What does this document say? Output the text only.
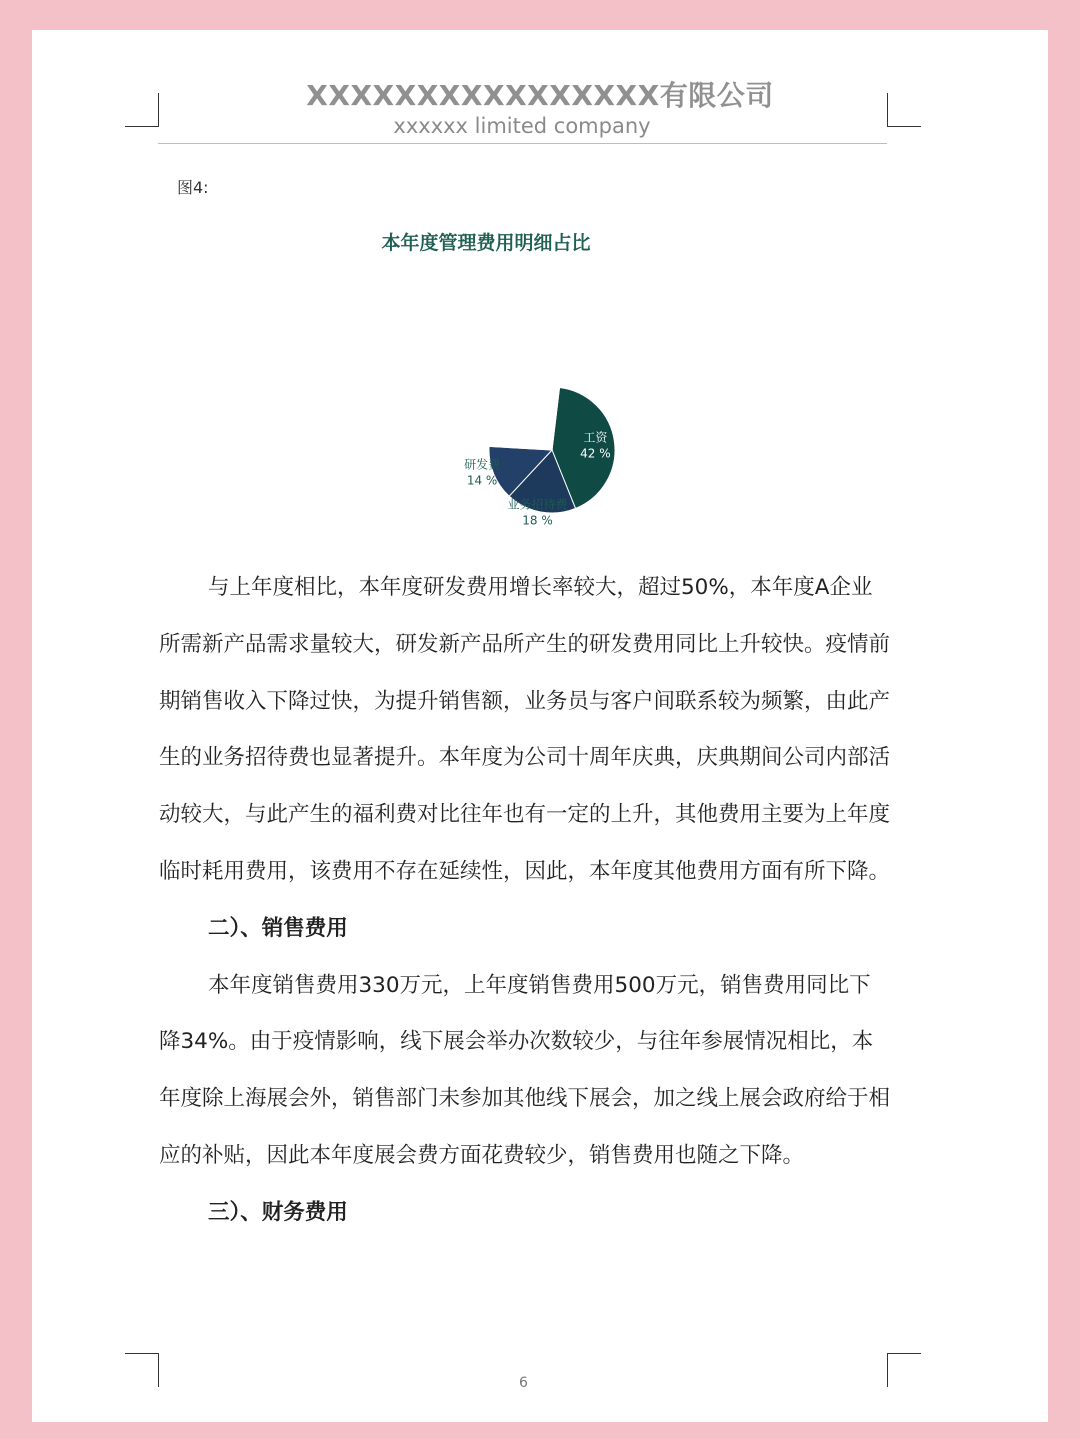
XXXXXXXXXXXXXXXX有限公司
xxxxxx limited company
图4:
本年度管理费用明细占比
工资
42 %
业务招待费
18 %
研发费
14 %

与上年度相比，本年度研发费用增长率较大，超过50%，本年度A企业所需新产品需求量较大，研发新产品所产生的研发费用同比上升较快。疫情前期销售收入下降过快，为提升销售额，业务员与客户间联系较为频繁，由此产生的业务招待费也显著提升。本年度为公司十周年庆典，庆典期间公司内部活动较大，与此产生的福利费对比往年也有一定的上升，其他费用主要为上年度临时耗用费用，该费用不存在延续性，因此，本年度其他费用方面有所下降。

二）、销售费用

本年度销售费用330万元，上年度销售费用500万元，销售费用同比下降34%。由于疫情影响，线下展会举办次数较少，与往年参展情况相比，本年度除上海展会外，销售部门未参加其他线下展会，加之线上展会政府给于相应的补贴，因此本年度展会费方面花费较少，销售费用也随之下降。

三）、财务费用

6
